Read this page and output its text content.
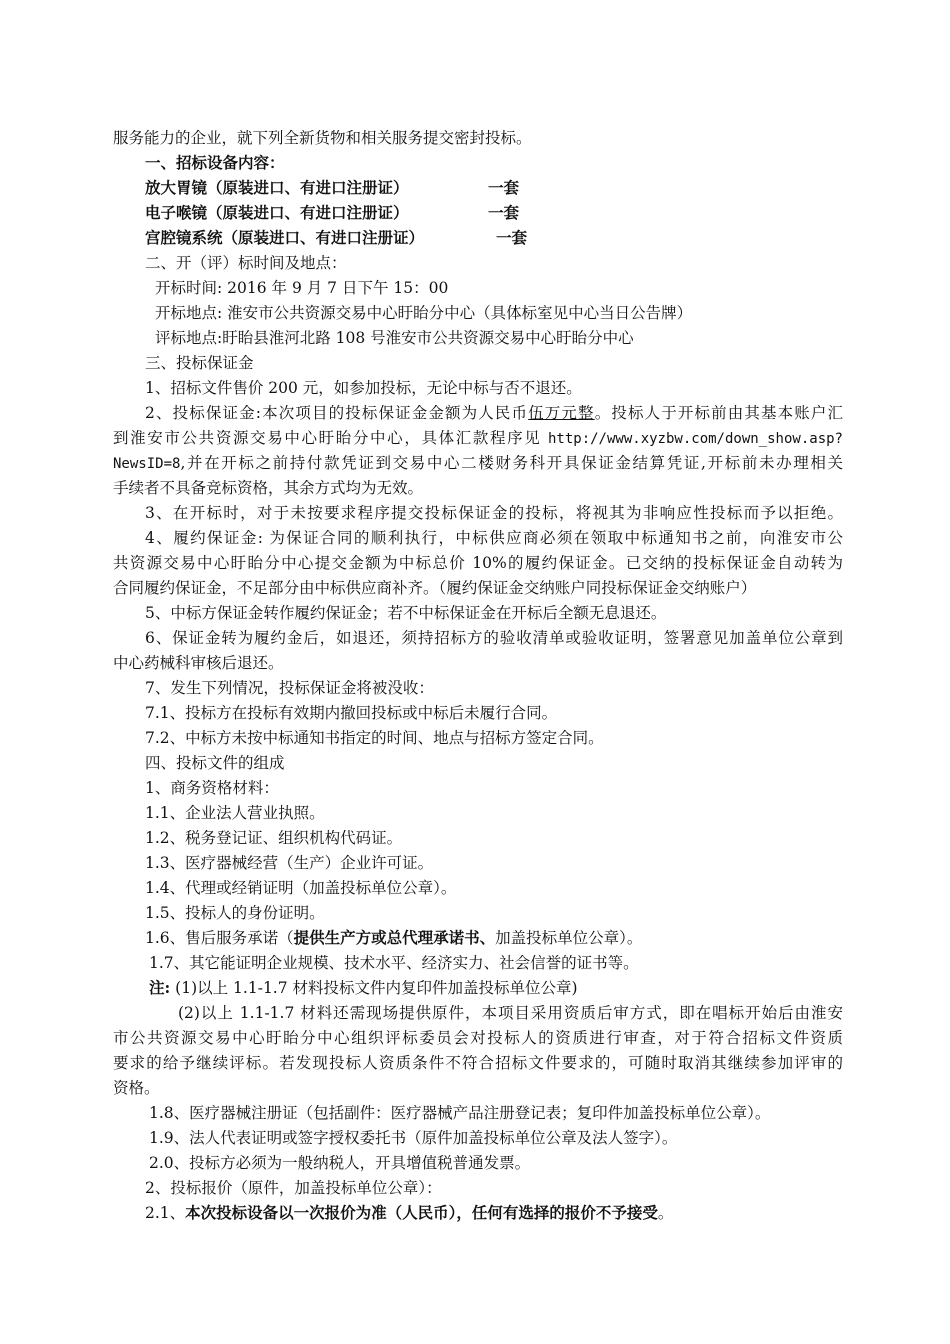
服务能力的企业，就下列全新货物和相关服务提交密封投标。
一、招标设备内容：
放大胃镜（原装进口、有进口注册证）	一套
电子喉镜（原装进口、有进口注册证）	一套
宫腔镜系统（原装进口、有进口注册证）	一套
二、开（评）标时间及地点：
开标时间: 2016 年 9 月 7 日下午 15：00
开标地点: 淮安市公共资源交易中心盱眙分中心（具体标室见中心当日公告牌）
评标地点:盱眙县淮河北路 108 号淮安市公共资源交易中心盱眙分中心
三、投标保证金
1、招标文件售价 200 元，如参加投标，无论中标与否不退还。
2、投标保证金:本次项目的投标保证金金额为人民币伍万元整。投标人于开标前由其基本账户汇
到淮安市公共资源交易中心盱眙分中心，具体汇款程序见 http://www.xyzbw.com/down_show.asp?
NewsID=8,并在开标之前持付款凭证到交易中心二楼财务科开具保证金结算凭证,开标前未办理相关
手续者不具备竞标资格，其余方式均为无效。
3、在开标时，对于未按要求程序提交投标保证金的投标，将视其为非响应性投标而予以拒绝。
4、履约保证金: 为保证合同的顺利执行，中标供应商必须在领取中标通知书之前，向淮安市公
共资源交易中心盱眙分中心提交金额为中标总价 10%的履约保证金。已交纳的投标保证金自动转为
合同履约保证金，不足部分由中标供应商补齐。（履约保证金交纳账户同投标保证金交纳账户）
5、中标方保证金转作履约保证金；若不中标保证金在开标后全额无息退还。
6、保证金转为履约金后，如退还，须持招标方的验收清单或验收证明，签署意见加盖单位公章到
中心药械科审核后退还。
7、发生下列情况，投标保证金将被没收：
7.1、投标方在投标有效期内撤回投标或中标后未履行合同。
7.2、中标方未按中标通知书指定的时间、地点与招标方签定合同。
四、投标文件的组成
1、商务资格材料：
1.1、企业法人营业执照。
1.2、税务登记证、组织机构代码证。
1.3、医疗器械经营（生产）企业许可证。
1.4、代理或经销证明（加盖投标单位公章）。
1.5、投标人的身份证明。
1.6、售后服务承诺（提供生产方或总代理承诺书、加盖投标单位公章）。
1.7、其它能证明企业规模、技术水平、经济实力、社会信誉的证书等。
注: (1)以上 1.1-1.7 材料投标文件内复印件加盖投标单位公章)
(2)以上 1.1-1.7 材料还需现场提供原件，本项目采用资质后审方式，即在唱标开始后由淮安
市公共资源交易中心盱眙分中心组织评标委员会对投标人的资质进行审查，对于符合招标文件资质
要求的给予继续评标。若发现投标人资质条件不符合招标文件要求的，可随时取消其继续参加评审的
资格。
1.8、医疗器械注册证（包括副件：医疗器械产品注册登记表；复印件加盖投标单位公章）。
1.9、法人代表证明或签字授权委托书（原件加盖投标单位公章及法人签字）。
2.0、投标方必须为一般纳税人，开具增值税普通发票。
2、投标报价（原件，加盖投标单位公章）：
2.1、本次投标设备以一次报价为准（人民币），任何有选择的报价不予接受。
